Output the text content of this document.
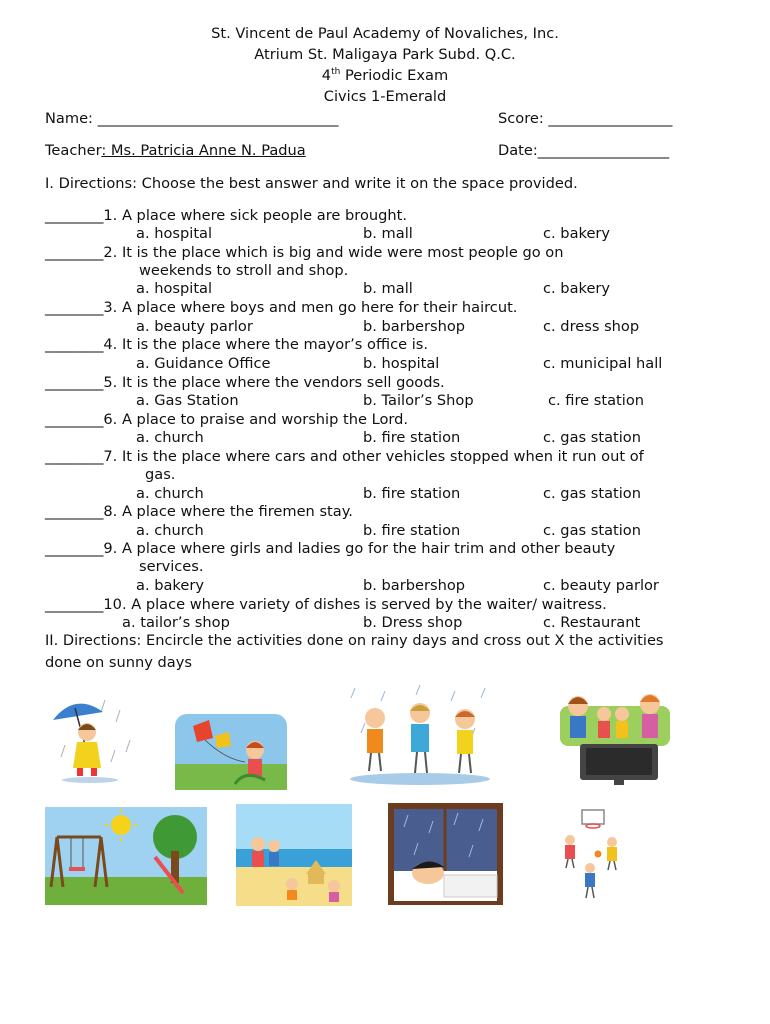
St. Vincent de Paul Academy of Novaliches, Inc.
Atrium St. Maligaya Park Subd. Q.C.
4th Periodic Exam
Civics 1-Emerald
Name: _________________________________	Score: _________________
Teacher: Ms. Patricia Anne N. Padua	Date:__________________
I. Directions: Choose the best answer and write it on the space provided.
________1. A place where sick people are brought.
a. hospital	b. mall	c. bakery
________2. It is the place which is big and wide were most people go on
weekends to stroll and shop.
a. hospital	b. mall	c. bakery
________3. A place where boys and men go here for their haircut.
a. beauty parlor	b. barbershop	c. dress shop
________4. It is the place where the mayor’s office is.
a. Guidance Office	b. hospital	c. municipal hall
________5. It is the place where the vendors sell goods.
a. Gas Station	b. Tailor’s Shop	c. fire station
________6. A place to praise and worship the Lord.
a. church	b. fire station	c. gas station
________7. It is the place where cars and other vehicles stopped when it run out of
gas.
a. church	b. fire station	c. gas station
________8. A place where the firemen stay.
a. church	b. fire station	c. gas station
________9. A place where girls and ladies go for the hair trim and other beauty
services.
a. bakery	b. barbershop	c. beauty parlor
________10. A place where variety of dishes is served by the waiter/ waitress.
a. tailor’s shop	b. Dress shop	c. Restaurant
II. Directions: Encircle the activities done on rainy days and cross out X the activities
done on sunny days
